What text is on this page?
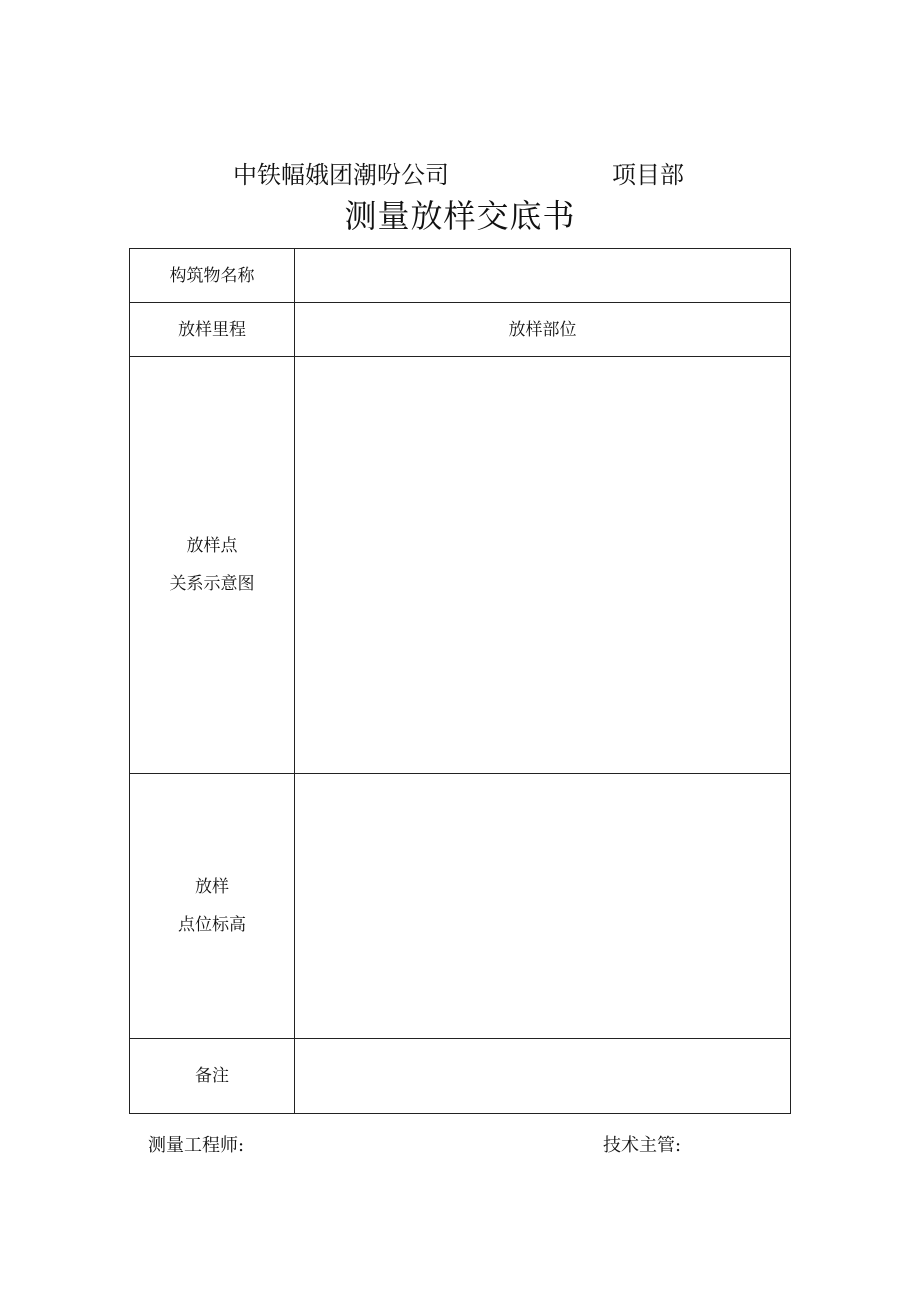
中铁幅娥团潮吩公司	项目部
测量放样交底书
构筑物名称	
放样里程	放样部位

放样点
关系示意图	

放样
点位标高	

备注	
测量工程师:	技术主管:
